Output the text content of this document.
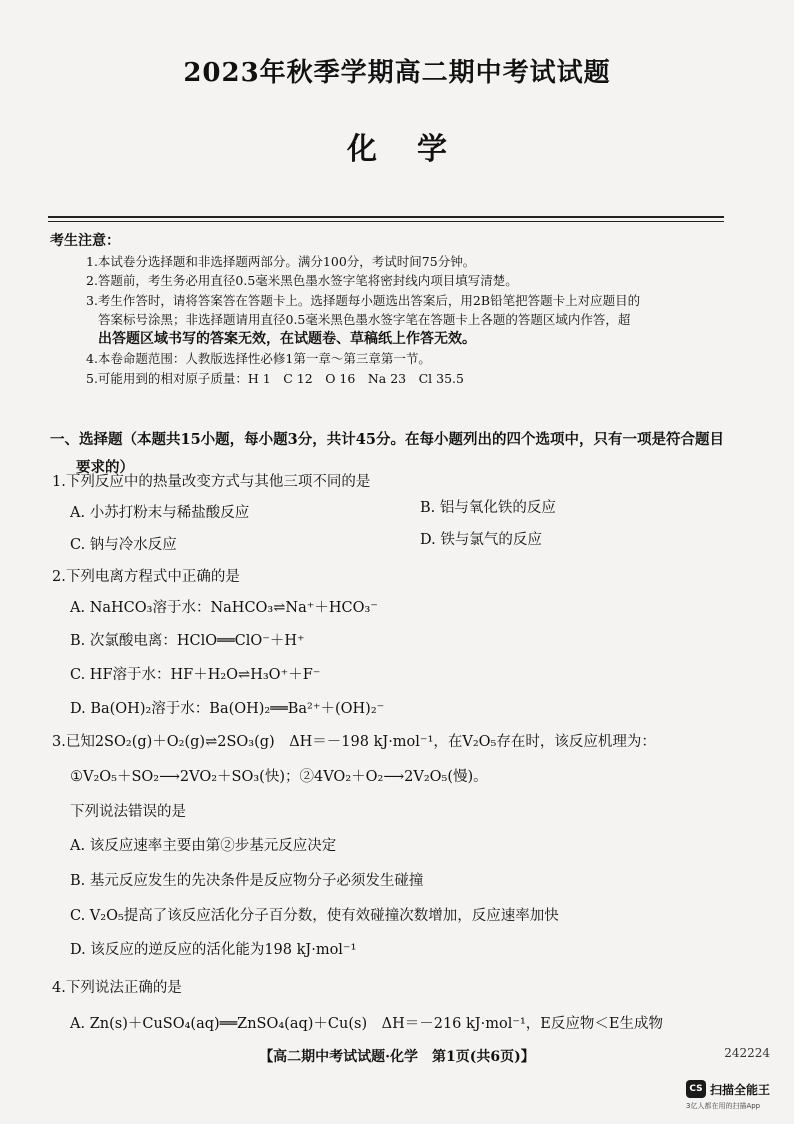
2023年秋季学期高二期中考试试题
化学
考生注意：
1.本试卷分选择题和非选择题两部分。满分100分，考试时间75分钟。
2.答题前，考生务必用直径0.5毫米黑色墨水签字笔将密封线内项目填写清楚。
3.考生作答时，请将答案答在答题卡上。选择题每小题选出答案后，用2B铅笔把答题卡上对应题目的
答案标号涂黑；非选择题请用直径0.5毫米黑色墨水签字笔在答题卡上各题的答题区域内作答，超
出答题区域书写的答案无效，在试题卷、草稿纸上作答无效。
4.本卷命题范围：人教版选择性必修1第一章～第三章第一节。
5.可能用到的相对原子质量：H 1　C 12　O 16　Na 23　Cl 35.5
一、选择题（本题共15小题，每小题3分，共计45分。在每小题列出的四个选项中，只有一项是符合题目
要求的）
1.下列反应中的热量改变方式与其他三项不同的是
A. 小苏打粉末与稀盐酸反应	B. 铝与氧化铁的反应
C. 钠与冷水反应	D. 铁与氯气的反应
2.下列电离方程式中正确的是
A. NaHCO₃溶于水：NaHCO₃⇌Na⁺＋HCO₃⁻
B. 次氯酸电离：HClO══ClO⁻＋H⁺
C. HF溶于水：HF＋H₂O⇌H₃O⁺＋F⁻
D. Ba(OH)₂溶于水：Ba(OH)₂══Ba²⁺＋(OH)₂⁻
3.已知2SO₂(g)＋O₂(g)⇌2SO₃(g)　ΔH＝－198 kJ·mol⁻¹，在V₂O₅存在时，该反应机理为：
①V₂O₅＋SO₂⟶2VO₂＋SO₃(快)；②4VO₂＋O₂⟶2V₂O₅(慢)。
下列说法错误的是
A. 该反应速率主要由第②步基元反应决定
B. 基元反应发生的先决条件是反应物分子必须发生碰撞
C. V₂O₅提高了该反应活化分子百分数，使有效碰撞次数增加，反应速率加快
D. 该反应的逆反应的活化能为198 kJ·mol⁻¹
4.下列说法正确的是
A. Zn(s)＋CuSO₄(aq)══ZnSO₄(aq)＋Cu(s)　ΔH＝－216 kJ·mol⁻¹，E反应物＜E生成物
【高二期中考试试题·化学　第1页(共6页)】	242224
CS 扫描全能王
3亿人都在用的扫描App
